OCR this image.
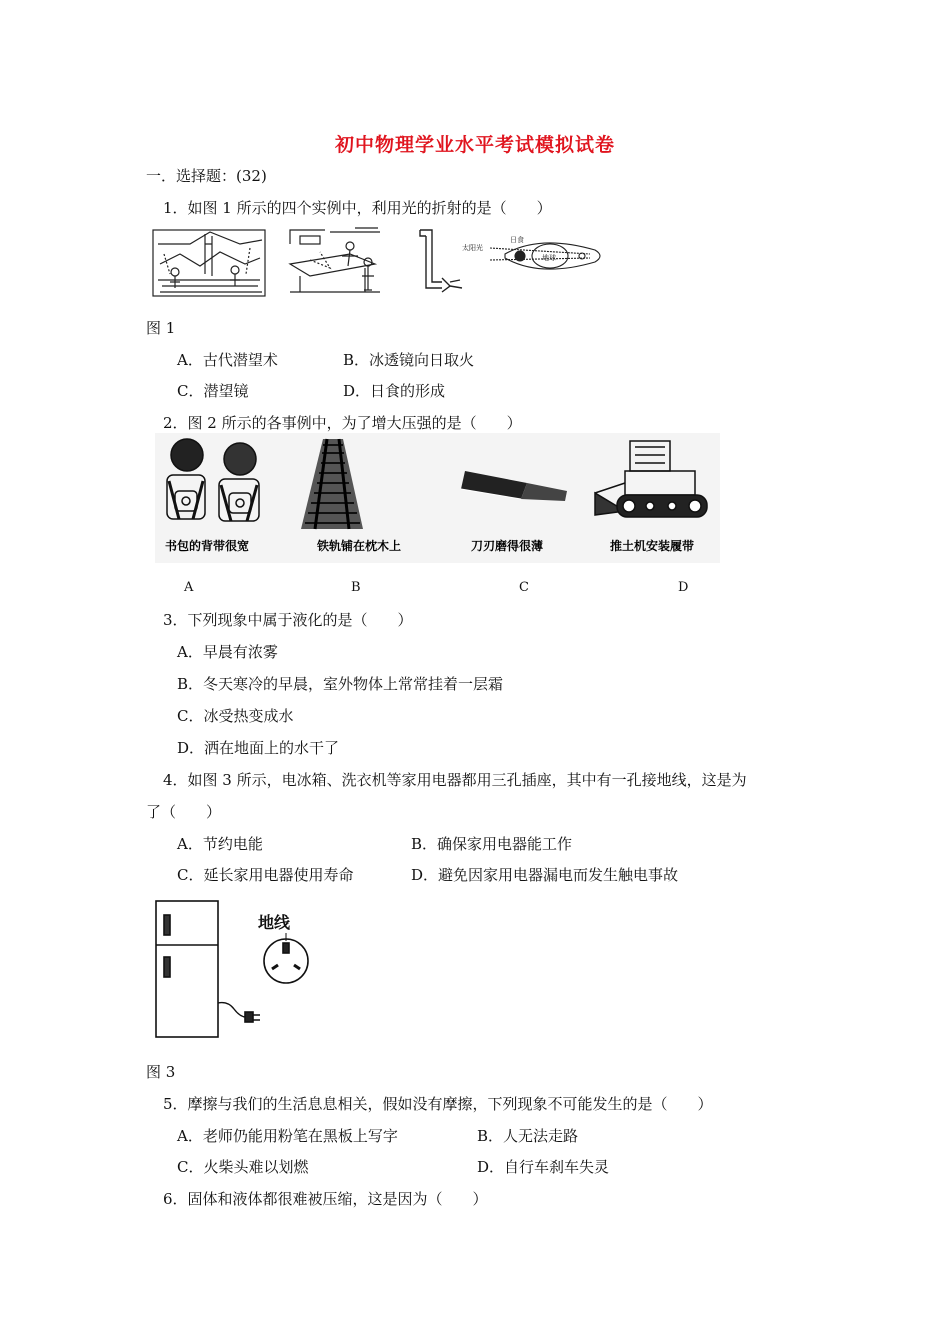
初中物理学业水平考试模拟试卷
一．选择题：(32)
1．如图 1 所示的四个实例中，利用光的折射的是（　　）
太阳光
日食
地球
图 1
A．古代潜望术	B．冰透镜向日取火
C．潜望镜	D．日食的形成
2．图 2 所示的各事例中，为了增大压强的是（　　）
书包的背带很宽	铁轨铺在枕木上	刀刃磨得很薄	推土机安装履带
A	B	C	D
3．下列现象中属于液化的是（　　）
A．早晨有浓雾
B．冬天寒冷的早晨，室外物体上常常挂着一层霜
C．冰受热变成水
D．洒在地面上的水干了
4．如图 3 所示，电冰箱、洗衣机等家用电器都用三孔插座，其中有一孔接地线，这是为
了（　　）
A．节约电能	B．确保家用电器能工作
C．延长家用电器使用寿命	D．避免因家用电器漏电而发生触电事故
地线
图 3
5．摩擦与我们的生活息息相关，假如没有摩擦，下列现象不可能发生的是（　　）
A．老师仍能用粉笔在黑板上写字	B．人无法走路
C．火柴头难以划燃	D．自行车刹车失灵
6．固体和液体都很难被压缩，这是因为（　　）
